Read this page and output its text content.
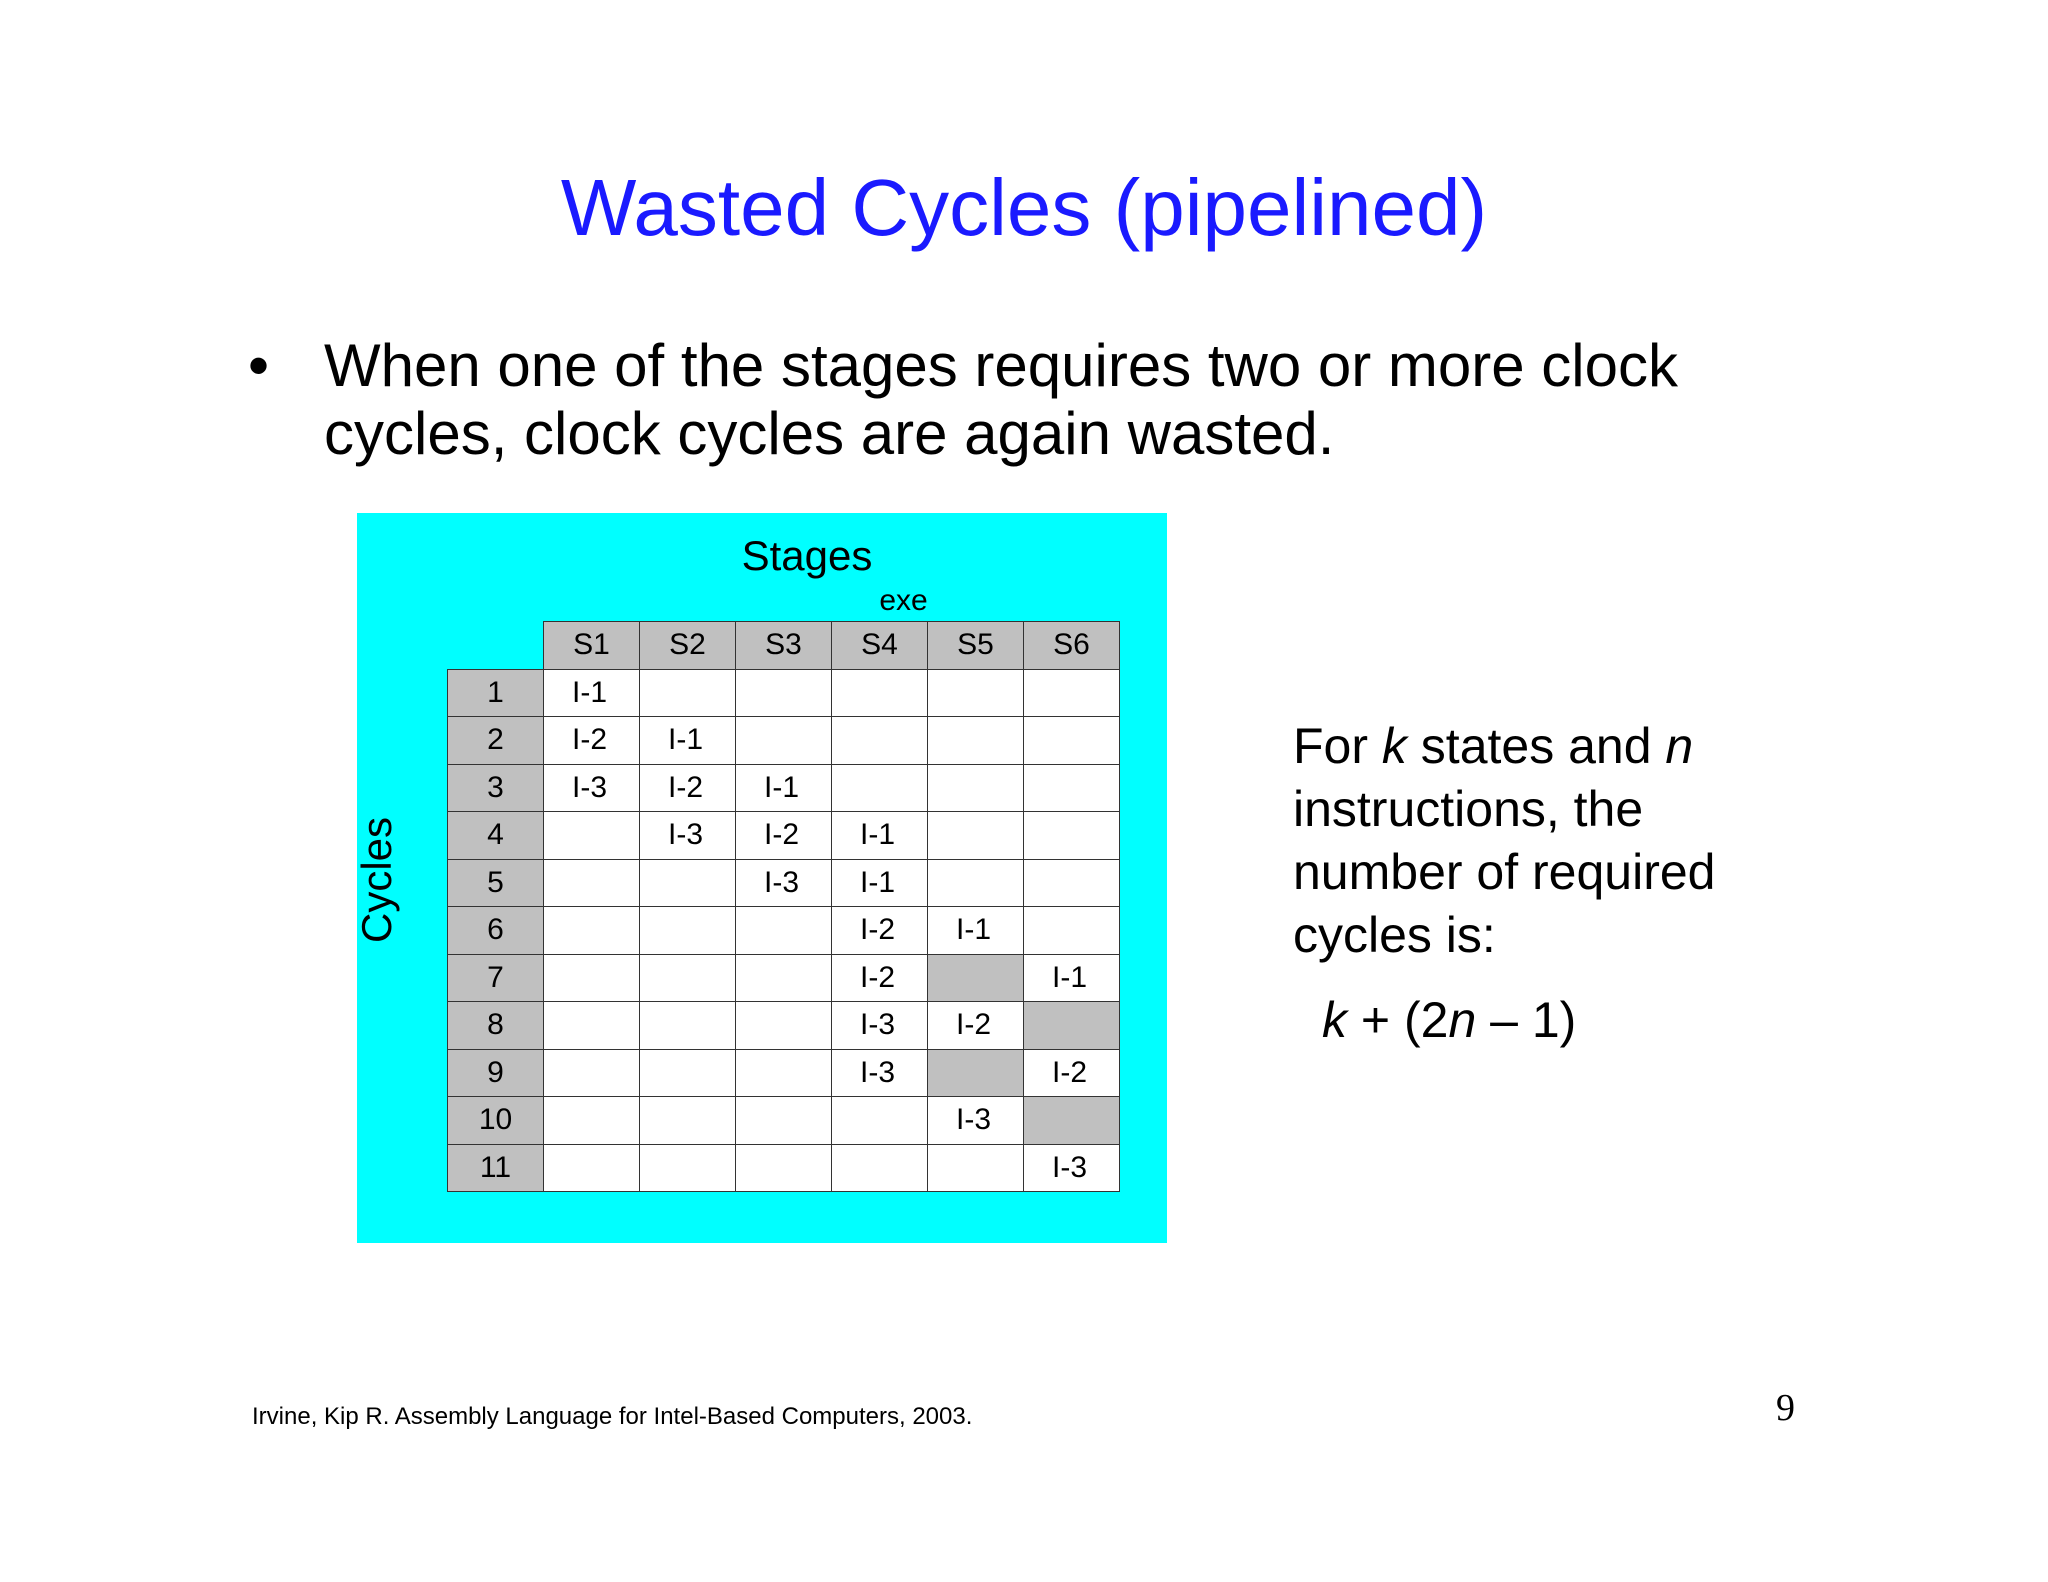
Wasted Cycles (pipelined)
• When one of the stages requires two or more clock cycles, clock cycles are again wasted.
Stages
exe
Cycles
	S1	S2	S3	S4	S5	S6
1	I-1					
2	I-2	I-1				
3	I-3	I-2	I-1			
4		I-3	I-2	I-1		
5			I-3	I-1		
6				I-2	I-1	
7				I-2		I-1
8				I-3	I-2	
9				I-3		I-2
10					I-3	
11						I-3
For k states and n instructions, the number of required cycles is:
k + (2n – 1)
Irvine, Kip R. Assembly Language for Intel-Based Computers, 2003.	9
